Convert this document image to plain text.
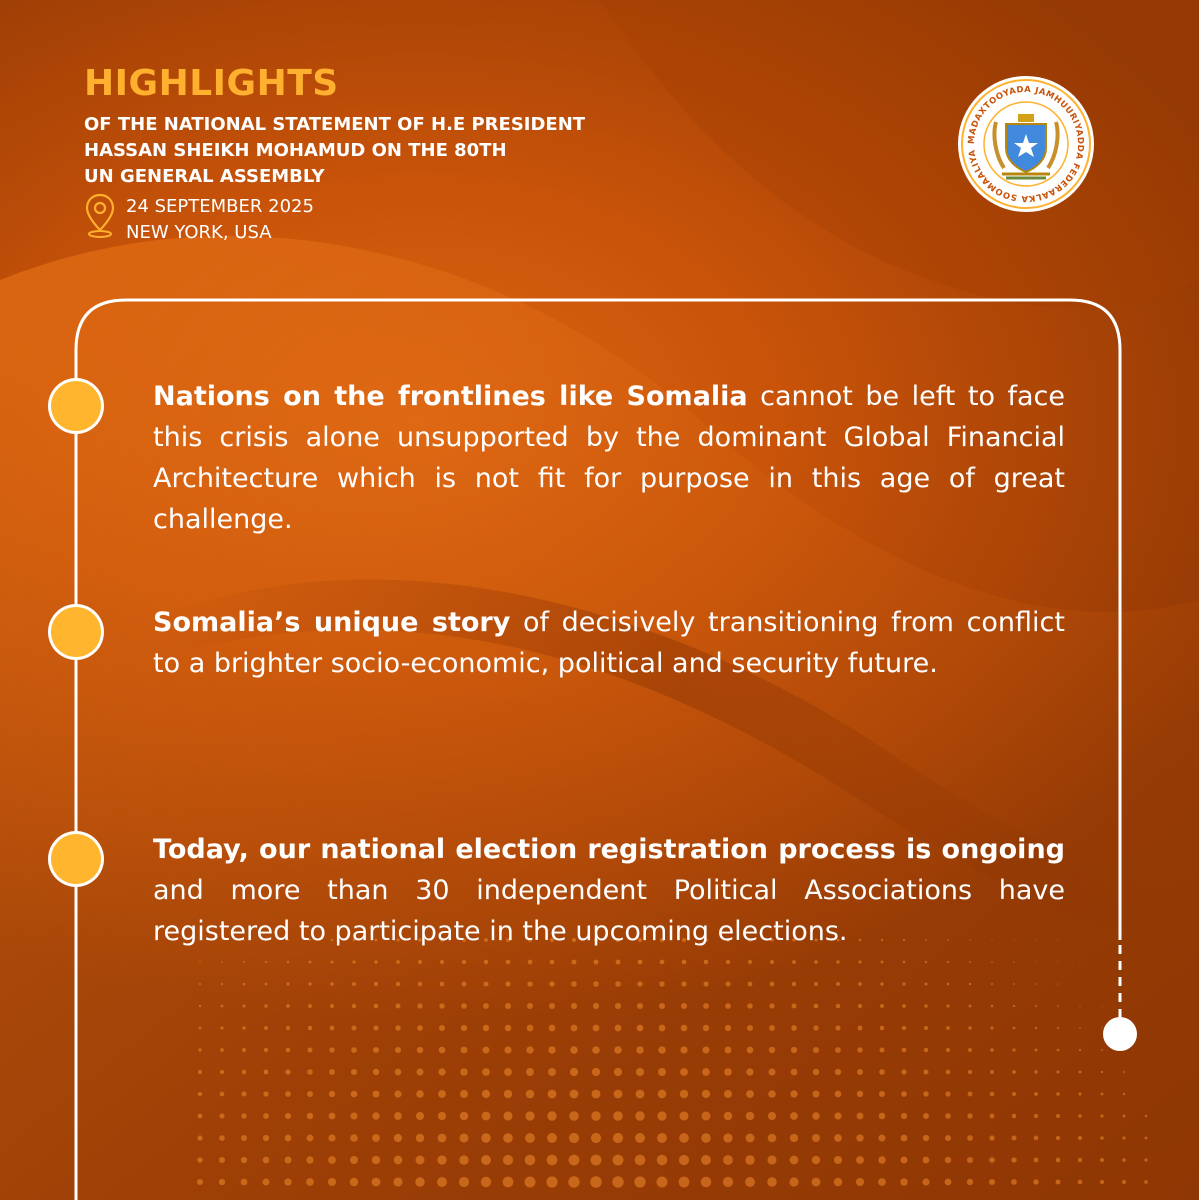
HIGHLIGHTS
OF THE NATIONAL STATEMENT OF H.E PRESIDENT
HASSAN SHEIKH MOHAMUD ON THE 80TH
UN GENERAL ASSEMBLY
24 SEPTEMBER 2025
NEW YORK, USA
MADAXTOOYADA JAMHUURIYADDA FEDERAALKA SOOMAALIYA
Nations on the frontlines like Somalia cannot be left to face this crisis alone unsupported by the dominant Global Financial Architecture which is not fit for purpose in this age of great challenge.
Somalia’s unique story of decisively transitioning from conflict to a brighter socio-economic, political and security future.
Today, our national election registration process is ongoing and more than 30 independent Political Associations have registered to participate in the upcoming elections.
